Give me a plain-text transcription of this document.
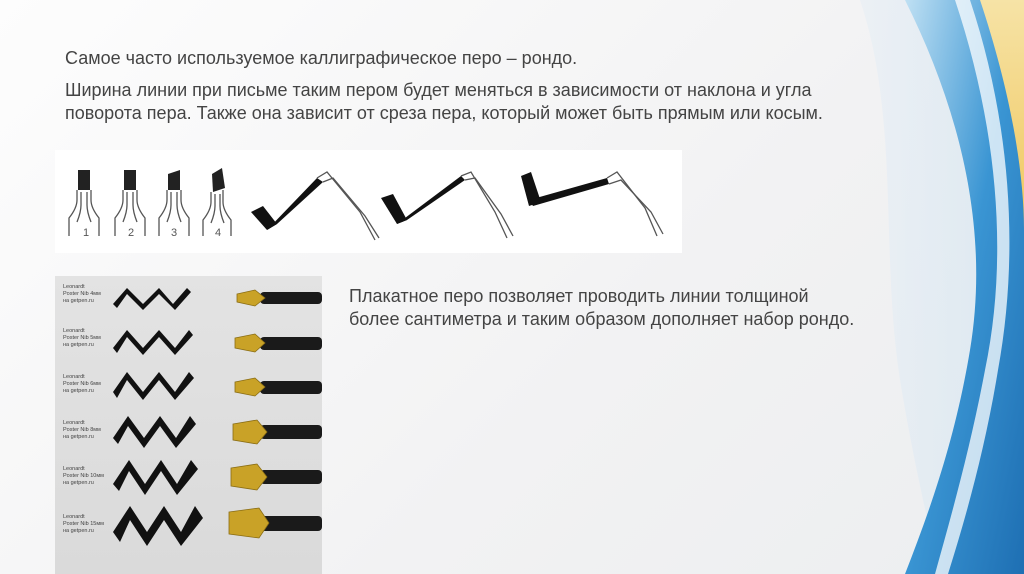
Самое часто используемое каллиграфическое перо – рондо.

Ширина линии при письме таким пером будет меняться в зависимости от наклона и угла поворота пера. Также она зависит от среза пера, который может быть прямым или косым.

1	2	3	4

Leonardt
Poster Nib 4мм
на getpen.ru

Leonardt
Poster Nib 5мм
на getpen.ru

Leonardt
Poster Nib 6мм
на getpen.ru

Leonardt
Poster Nib 8мм
на getpen.ru

Leonardt
Poster Nib 10мм
на getpen.ru

Leonardt
Poster Nib 15мм
на getpen.ru

Плакатное перо позволяет проводить линии толщиной более сантиметра и таким образом дополняет набор рондо.
